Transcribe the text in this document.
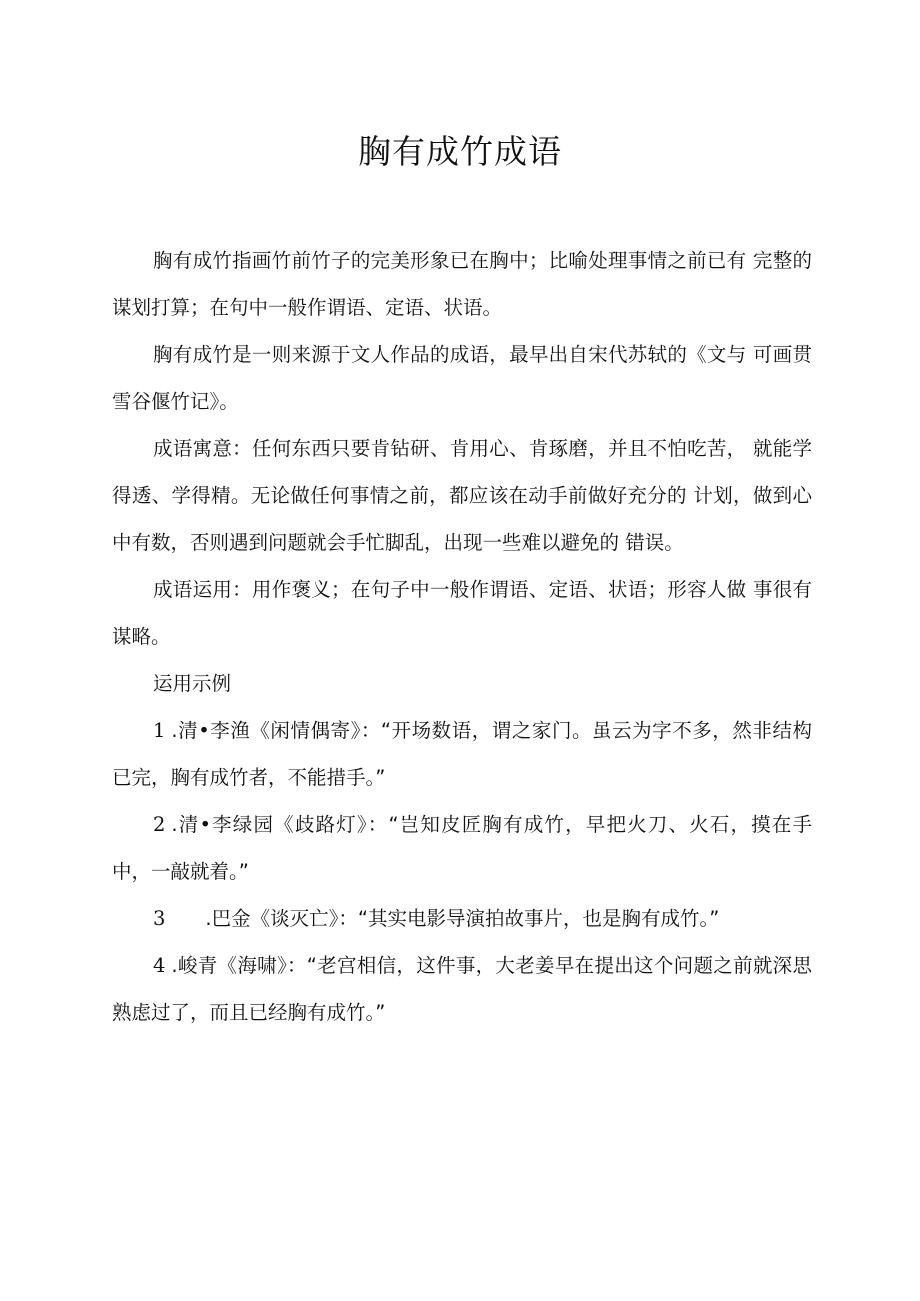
胸有成竹成语

胸有成竹指画竹前竹子的完美形象已在胸中；比喻处理事情之前已有 完整的谋划打算；在句中一般作谓语、定语、状语。

胸有成竹是一则来源于文人作品的成语，最早出自宋代苏轼的《文与 可画贯雪谷偃竹记》。

成语寓意：任何东西只要肯钻研、肯用心、肯琢磨，并且不怕吃苦， 就能学得透、学得精。无论做任何事情之前，都应该在动手前做好充分的 计划，做到心中有数，否则遇到问题就会手忙脚乱，出现一些难以避免的 错误。

成语运用：用作褒义；在句子中一般作谓语、定语、状语；形容人做 事很有谋略。

运用示例

1 .清•李渔《闲情偶寄》：“开场数语，谓之家门。虽云为字不多，然非结构已完，胸有成竹者，不能措手。”

2 .清•李绿园《歧路灯》：“岂知皮匠胸有成竹，早把火刀、火石，摸在手中，一敲就着。”

3 .巴金《谈灭亡》：“其实电影导演拍故事片，也是胸有成竹。”

4 .峻青《海啸》：“老宫相信，这件事，大老姜早在提出这个问题之前就深思熟虑过了，而且已经胸有成竹。”
